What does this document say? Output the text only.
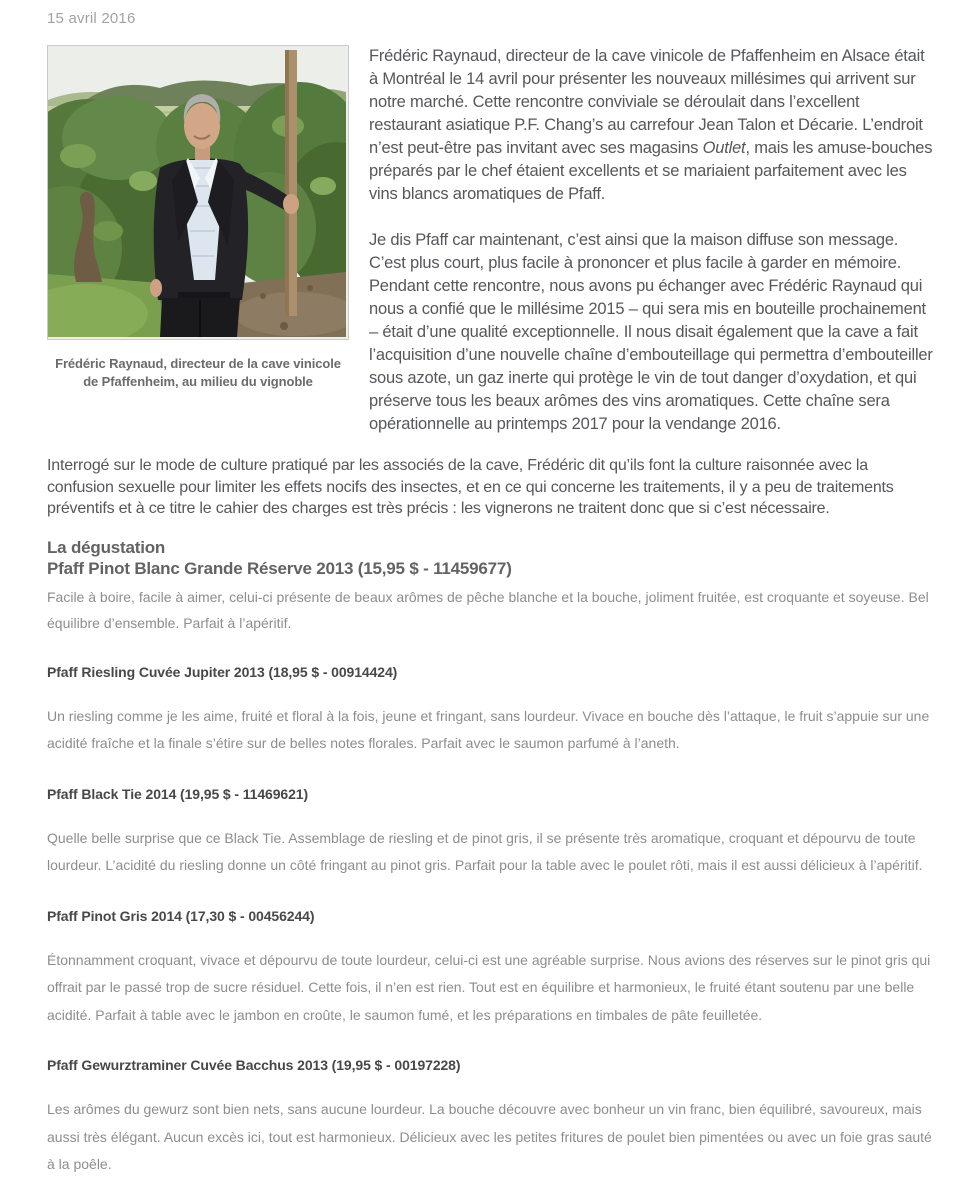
15 avril 2016
Frédéric Raynaud, directeur de la cave vinicole de Pfaffenheim, au milieu du vignoble

Frédéric Raynaud, directeur de la cave vinicole de Pfaffenheim en Alsace était à Montréal le 14 avril pour présenter les nouveaux millésimes qui arrivent sur notre marché. Cette rencontre conviviale se déroulait dans l’excellent restaurant asiatique P.F. Chang’s au carrefour Jean Talon et Décarie. L’endroit n’est peut-être pas invitant avec ses magasins Outlet, mais les amuse-bouches préparés par le chef étaient excellents et se mariaient parfaitement avec les vins blancs aromatiques de Pfaff.

Je dis Pfaff car maintenant, c’est ainsi que la maison diffuse son message. C’est plus court, plus facile à prononcer et plus facile à garder en mémoire. Pendant cette rencontre, nous avons pu échanger avec Frédéric Raynaud qui nous a confié que le millésime 2015 – qui sera mis en bouteille prochainement – était d’une qualité exceptionnelle. Il nous disait également que la cave a fait l’acquisition d’une nouvelle chaîne d’embouteillage qui permettra d’embouteiller sous azote, un gaz inerte qui protège le vin de tout danger d’oxydation, et qui préserve tous les beaux arômes des vins aromatiques. Cette chaîne sera opérationnelle au printemps 2017 pour la vendange 2016.

Interrogé sur le mode de culture pratiqué par les associés de la cave, Frédéric dit qu’ils font la culture raisonnée avec la confusion sexuelle pour limiter les effets nocifs des insectes, et en ce qui concerne les traitements, il y a peu de traitements préventifs et à ce titre le cahier des charges est très précis : les vignerons ne traitent donc que si c’est nécessaire.

La dégustation
Pfaff Pinot Blanc Grande Réserve 2013 (15,95 $ - 11459677)

Facile à boire, facile à aimer, celui-ci présente de beaux arômes de pêche blanche et la bouche, joliment fruitée, est croquante et soyeuse. Bel équilibre d’ensemble. Parfait à l’apéritif.

Pfaff Riesling Cuvée Jupiter 2013 (18,95 $ - 00914424)

Un riesling comme je les aime, fruité et floral à la fois, jeune et fringant, sans lourdeur. Vivace en bouche dès l’attaque, le fruit s’appuie sur une acidité fraîche et la finale s’étire sur de belles notes florales. Parfait avec le saumon parfumé à l’aneth.

Pfaff Black Tie 2014 (19,95 $ - 11469621)

Quelle belle surprise que ce Black Tie. Assemblage de riesling et de pinot gris, il se présente très aromatique, croquant et dépourvu de toute lourdeur. L’acidité du riesling donne un côté fringant au pinot gris. Parfait pour la table avec le poulet rôti, mais il est aussi délicieux à l’apéritif.

Pfaff Pinot Gris 2014 (17,30 $ - 00456244)

Étonnamment croquant, vivace et dépourvu de toute lourdeur, celui-ci est une agréable surprise. Nous avions des réserves sur le pinot gris qui offrait par le passé trop de sucre résiduel. Cette fois, il n’en est rien. Tout est en équilibre et harmonieux, le fruité étant soutenu par une belle acidité. Parfait à table avec le jambon en croûte, le saumon fumé, et les préparations en timbales de pâte feuilletée.

Pfaff Gewurztraminer Cuvée Bacchus 2013 (19,95 $ - 00197228)

Les arômes du gewurz sont bien nets, sans aucune lourdeur. La bouche découvre avec bonheur un vin franc, bien équilibré, savoureux, mais aussi très élégant. Aucun excès ici, tout est harmonieux. Délicieux avec les petites fritures de poulet bien pimentées ou avec un foie gras sauté à la poêle.
